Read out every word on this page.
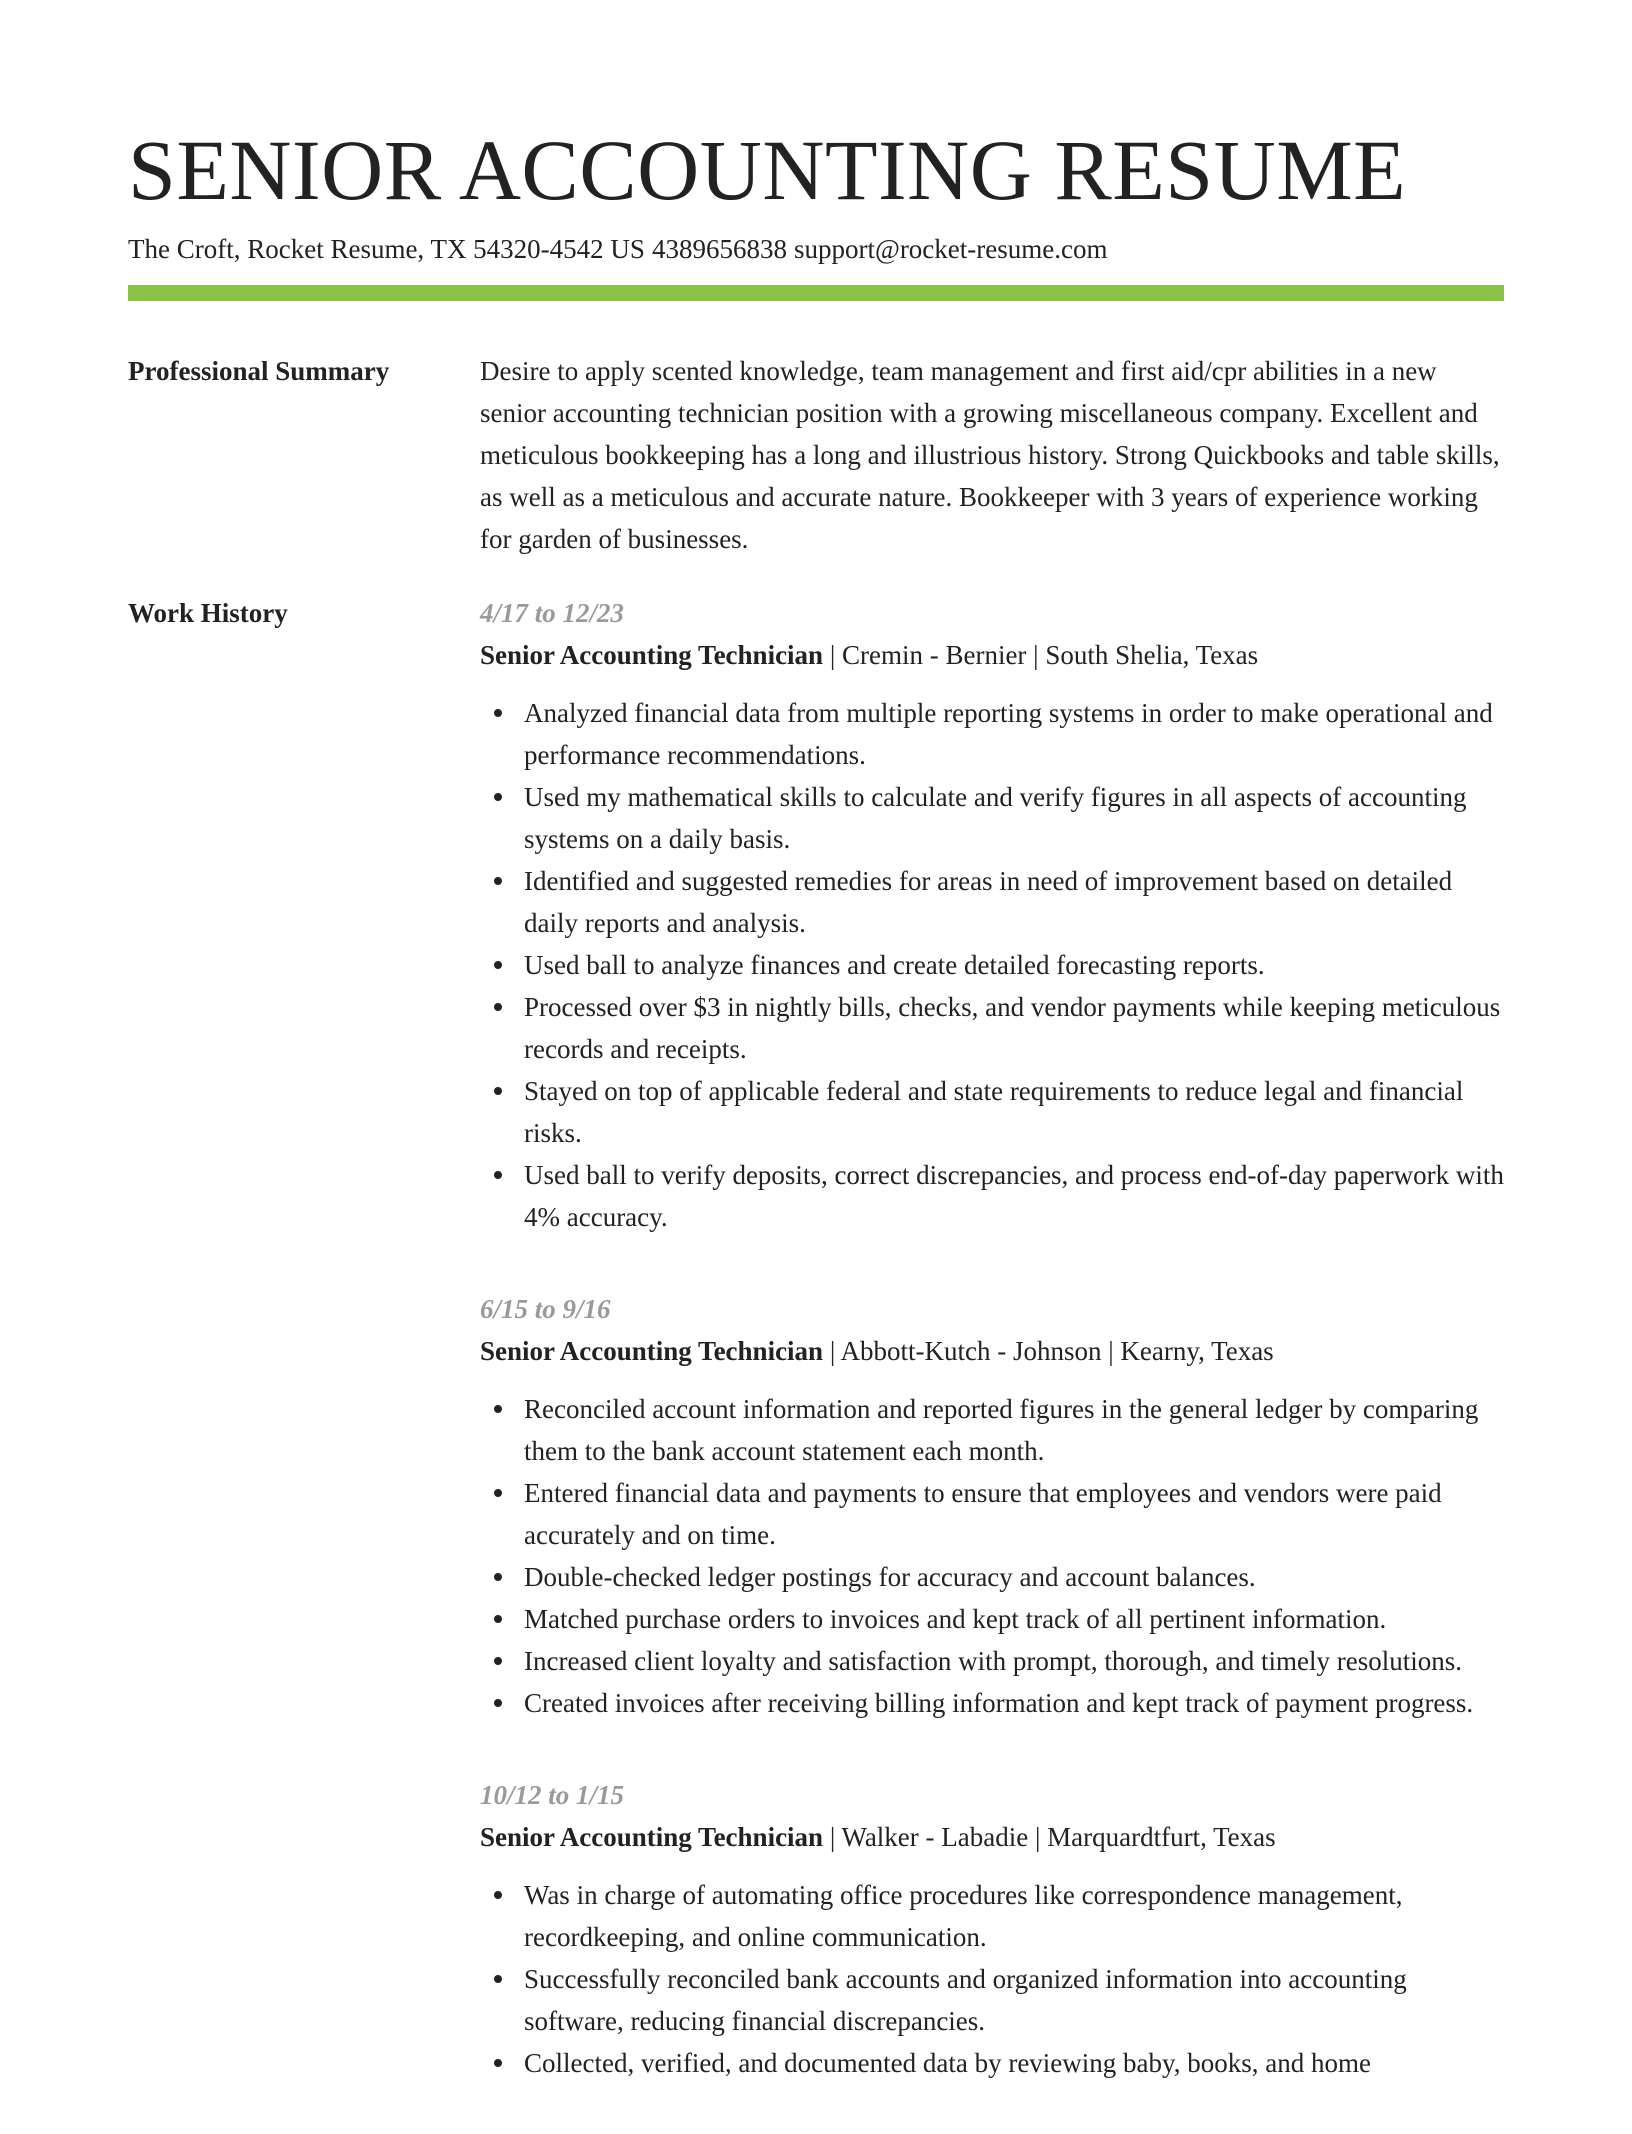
SENIOR ACCOUNTING RESUME
The Croft, Rocket Resume, TX 54320-4542 US 4389656838 support@rocket-resume.com
Professional Summary	Desire to apply scented knowledge, team management and first aid/cpr abilities in a new senior accounting technician position with a growing miscellaneous company. Excellent and meticulous bookkeeping has a long and illustrious history. Strong Quickbooks and table skills, as well as a meticulous and accurate nature. Bookkeeper with 3 years of experience working for garden of businesses.

Work History	4/17 to 12/23
Senior Accounting Technician | Cremin - Bernier | South Shelia, Texas
Analyzed financial data from multiple reporting systems in order to make operational and performance recommendations.
Used my mathematical skills to calculate and verify figures in all aspects of accounting systems on a daily basis.
Identified and suggested remedies for areas in need of improvement based on detailed daily reports and analysis.
Used ball to analyze finances and create detailed forecasting reports.
Processed over $3 in nightly bills, checks, and vendor payments while keeping meticulous records and receipts.
Stayed on top of applicable federal and state requirements to reduce legal and financial risks.
Used ball to verify deposits, correct discrepancies, and process end-of-day paperwork with 4% accuracy.
6/15 to 9/16
Senior Accounting Technician | Abbott-Kutch - Johnson | Kearny, Texas
Reconciled account information and reported figures in the general ledger by comparing them to the bank account statement each month.
Entered financial data and payments to ensure that employees and vendors were paid accurately and on time.
Double-checked ledger postings for accuracy and account balances.
Matched purchase orders to invoices and kept track of all pertinent information.
Increased client loyalty and satisfaction with prompt, thorough, and timely resolutions.
Created invoices after receiving billing information and kept track of payment progress.
10/12 to 1/15
Senior Accounting Technician | Walker - Labadie | Marquardtfurt, Texas
Was in charge of automating office procedures like correspondence management, recordkeeping, and online communication.
Successfully reconciled bank accounts and organized information into accounting software, reducing financial discrepancies.
Collected, verified, and documented data by reviewing baby, books, and home
